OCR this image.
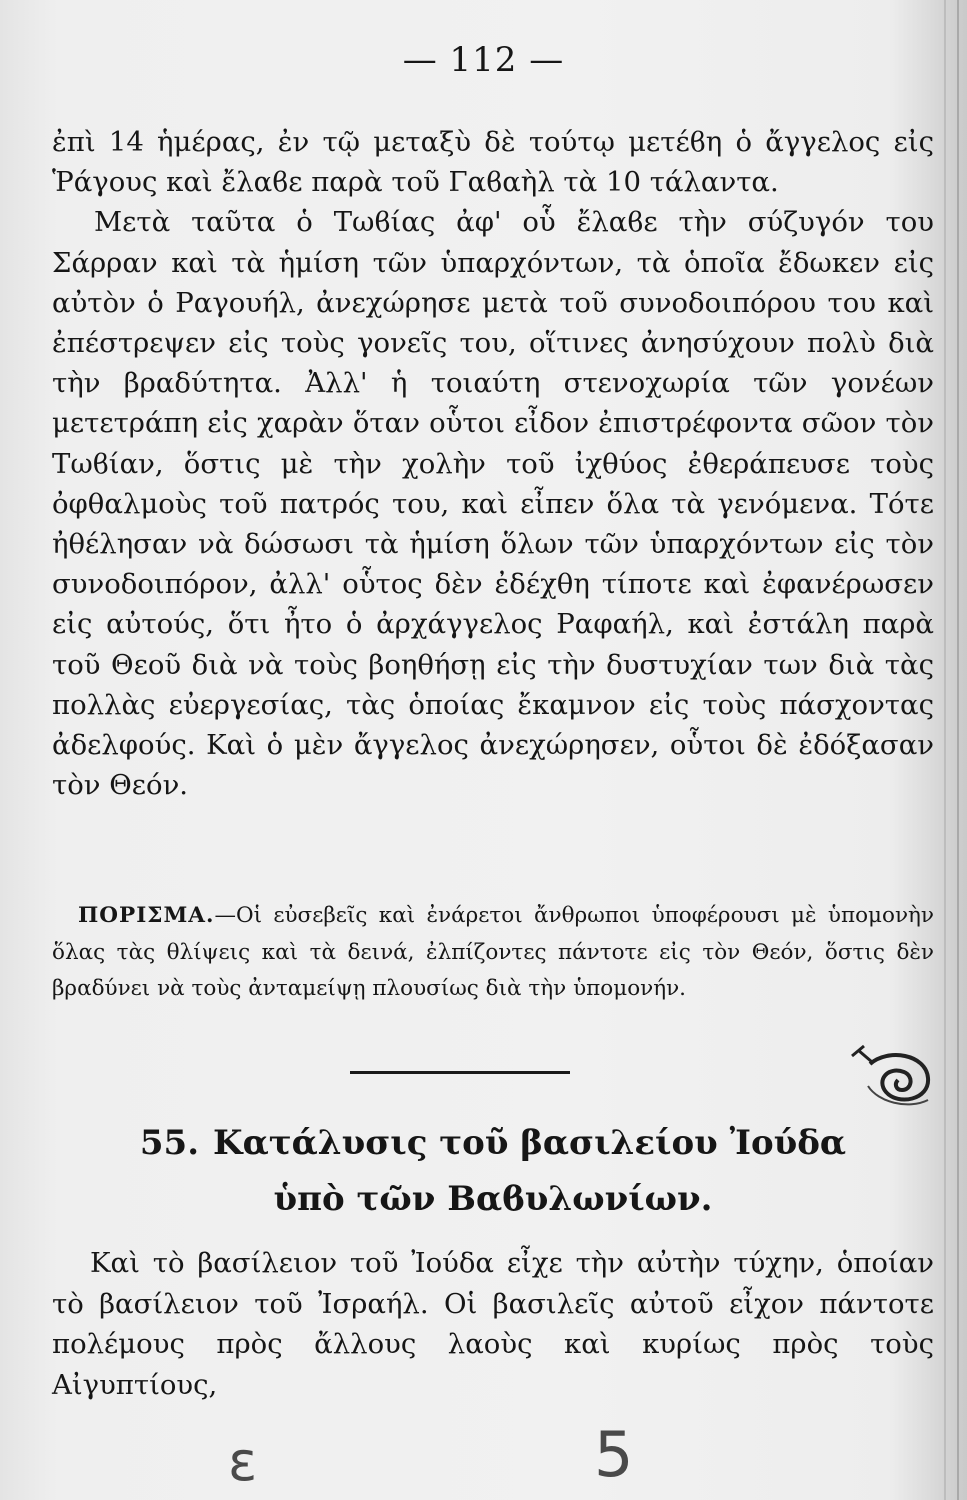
— 112 —

ἐπὶ 14 ἡμέρας, ἐν τῷ μεταξὺ δὲ τούτῳ μετέϐη ὁ ἄγγελος εἰς Ῥάγους καὶ ἔλαϐε παρὰ τοῦ Γαϐαὴλ τὰ 10 τάλαντα.

Μετὰ ταῦτα ὁ Τωϐίας ἀφ' οὗ ἔλαϐε τὴν σύζυγόν του Σάρραν καὶ τὰ ἡμίση τῶν ὑπαρχόντων, τὰ ὁποῖα ἔδωκεν εἰς αὐτὸν ὁ Ραγουήλ, ἀνεχώρησε μετὰ τοῦ συνοδοιπόρου του καὶ ἐπέστρεψεν εἰς τοὺς γονεῖς του, οἵτινες ἀνησύχουν πολὺ διὰ τὴν βραδύτητα. Ἀλλ' ἡ τοιαύτη στενοχωρία τῶν γονέων μετετράπη εἰς χαρὰν ὅταν οὗτοι εἶδον ἐπιστρέφοντα σῶον τὸν Τωϐίαν, ὅστις μὲ τὴν χολὴν τοῦ ἰχθύος ἐθεράπευσε τοὺς ὀφθαλμοὺς τοῦ πατρός του, καὶ εἶπεν ὅλα τὰ γενόμενα. Τότε ἠθέλησαν νὰ δώσωσι τὰ ἡμίση ὅλων τῶν ὑπαρχόντων εἰς τὸν συνοδοιπόρον, ἀλλ' οὗτος δὲν ἐδέχθη τίποτε καὶ ἐφανέρωσεν εἰς αὐτούς, ὅτι ἦτο ὁ ἀρχάγγελος Ραφαήλ, καὶ ἐστάλη παρὰ τοῦ Θεοῦ διὰ νὰ τοὺς βοηθήσῃ εἰς τὴν δυστυχίαν των διὰ τὰς πολλὰς εὐεργεσίας, τὰς ὁποίας ἔκαμνον εἰς τοὺς πάσχοντας ἀδελφούς. Καὶ ὁ μὲν ἄγγελος ἀνεχώρησεν, οὗτοι δὲ ἐδόξασαν τὸν Θεόν.

ΠΟΡΙΣΜΑ.—Οἱ εὐσεβεῖς καὶ ἐνάρετοι ἄνθρωποι ὑποφέρουσι μὲ ὑπομονὴν ὅλας τὰς θλίψεις καὶ τὰ δεινά, ἐλπίζοντες πάντοτε εἰς τὸν Θεόν, ὅστις δὲν βραδύνει νὰ τοὺς ἀνταμείψῃ πλουσίως διὰ τὴν ὑπομονήν.
55. Κατάλυσις τοῦ βασιλείου Ἰούδα
ὑπὸ τῶν Βαϐυλωνίων.
Καὶ τὸ βασίλειον τοῦ Ἰούδα εἶχε τὴν αὐτὴν τύχην, ὁποίαν τὸ βασίλειον τοῦ Ἰσραήλ. Οἱ βασιλεῖς αὐτοῦ εἶχον πάντοτε πολέμους πρὸς ἄλλους λαοὺς καὶ κυρίως πρὸς τοὺς Αἰγυπτίους,
ε	5
